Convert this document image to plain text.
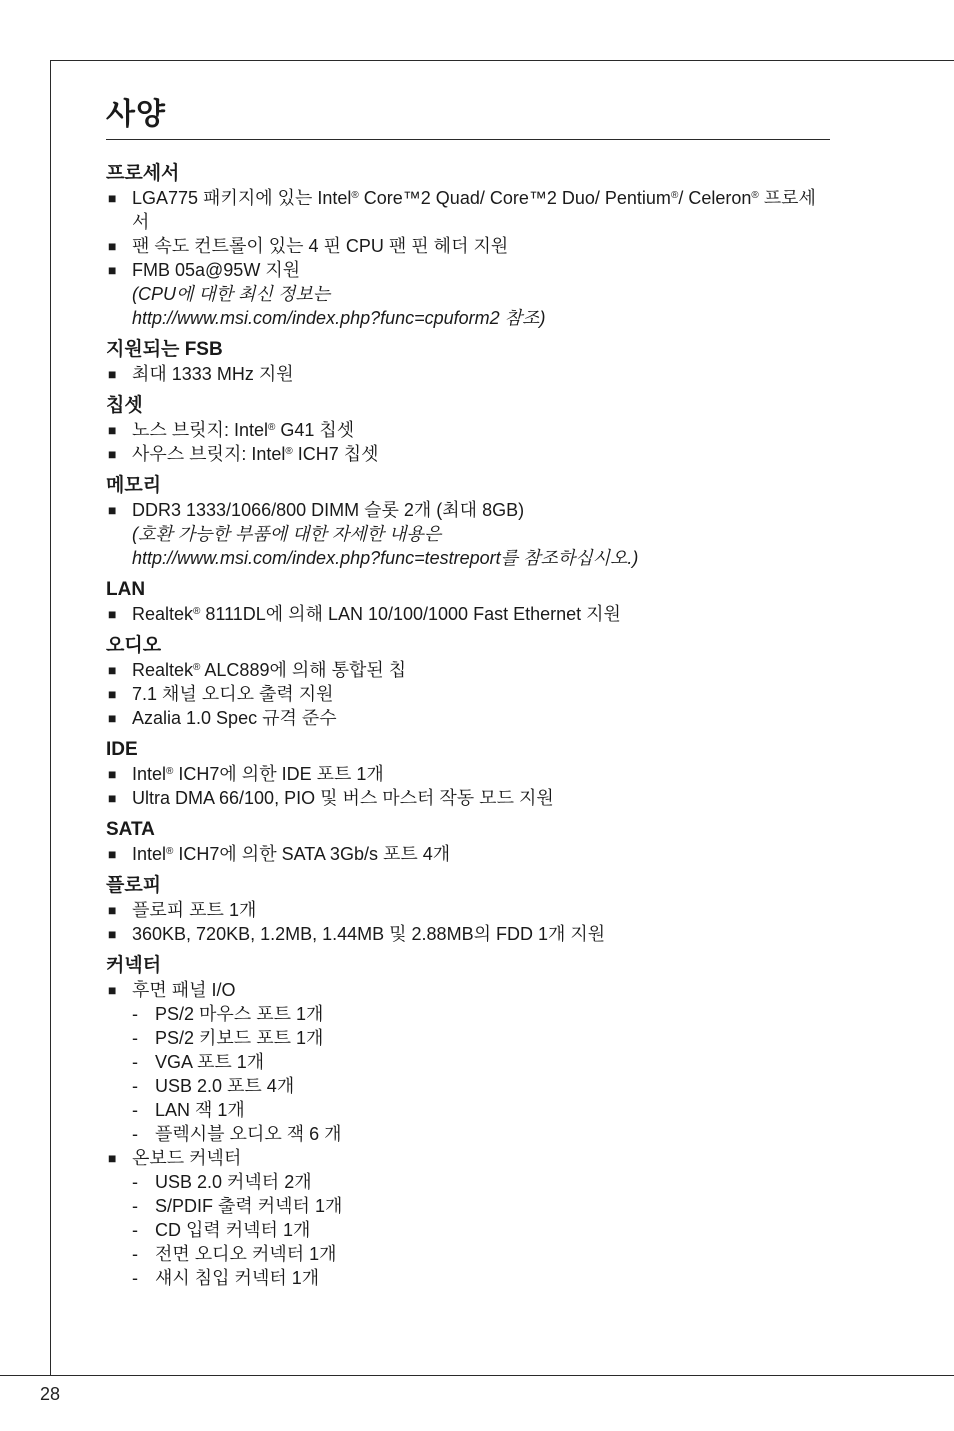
28
사양
프로세서
■ LGA775 패키지에 있는 Intel® Core™2 Quad/ Core™2 Duo/ Pentium®/ Celeron® 프로세서
■ 팬 속도 컨트롤이 있는 4 핀 CPU 팬 핀 헤더 지원
■ FMB 05a@95W 지원
(CPU에 대한 최신 정보는
http://www.msi.com/index.php?func=cpuform2 참조)
지원되는 FSB
■ 최대 1333 MHz 지원
칩셋
■ 노스 브릿지: Intel® G41 칩셋
■ 사우스 브릿지: Intel® ICH7 칩셋
메모리
■ DDR3 1333/1066/800 DIMM 슬롯 2개 (최대 8GB)
(호환 가능한 부품에 대한 자세한 내용은
http://www.msi.com/index.php?func=testreport를 참조하십시오.)
LAN
■ Realtek® 8111DL에 의해 LAN 10/100/1000 Fast Ethernet 지원
오디오
■ Realtek® ALC889에 의해 통합된 칩
■ 7.1 채널 오디오 출력 지원
■ Azalia 1.0 Spec 규격 준수
IDE
■ Intel® ICH7에 의한 IDE 포트 1개
■ Ultra DMA 66/100, PIO 및 버스 마스터 작동 모드 지원
SATA
■ Intel® ICH7에 의한 SATA 3Gb/s 포트 4개
플로피
■ 플로피 포트 1개
■ 360KB, 720KB, 1.2MB, 1.44MB 및 2.88MB의 FDD 1개 지원
커넥터
■ 후면 패널 I/O
- PS/2 마우스 포트 1개
- PS/2 키보드 포트 1개
- VGA 포트 1개
- USB 2.0 포트 4개
- LAN 잭 1개
- 플렉시블 오디오 잭 6 개
■ 온보드 커넥터
- USB 2.0 커넥터 2개
- S/PDIF 출력 커넥터 1개
- CD 입력 커넥터 1개
- 전면 오디오 커넥터 1개
- 섀시 침입 커넥터 1개
